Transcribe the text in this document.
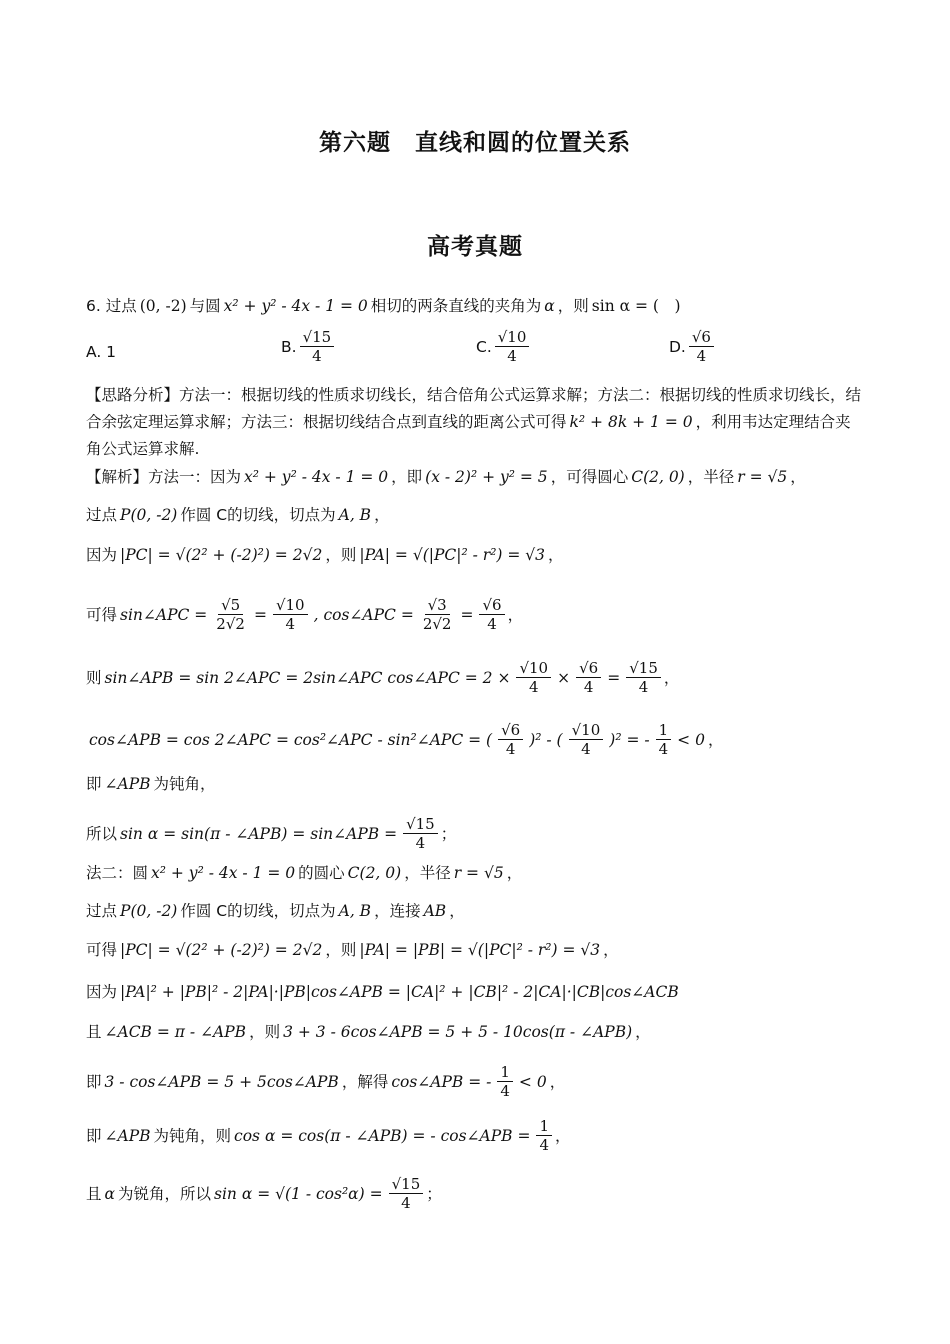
第六题　直线和圆的位置关系
高考真题
6. 过点 (0, -2) 与圆 x² + y² - 4x - 1 = 0 相切的两条直线的夹角为 α ，则 sin α = (　)
A. 1	B. $\frac{√15}{4}$	C. $\frac{√10}{4}$	D. $\frac{√6}{4}$
【思路分析】方法一：根据切线的性质求切线长，结合倍角公式运算求解；方法二：根据切线的性质求切线长，结合余弦定理运算求解；方法三：根据切线结合点到直线的距离公式可得 k² + 8k + 1 = 0 ，利用韦达定理结合夹角公式运算求解.
【解析】方法一：因为 x² + y² - 4x - 1 = 0 ，即 (x - 2)² + y² = 5 ，可得圆心 C(2, 0) ，半径 r = √5 ，
过点 P(0, -2) 作圆 C的切线，切点为 A, B ，
因为 |PC| = √(2² + (-2)²) = 2√2 ，则 |PA| = √(|PC|² - r²) = √3 ，
可得 sin∠APC = $\frac{√5}{2√2} = \frac{√10}{4}$ , cos∠APC = $\frac{√3}{2√2} = \frac{√6}{4}$ ，
则 sin∠APB = sin 2∠APC = 2sin∠APC cos∠APC = $2 \times \frac{√10}{4} \times \frac{√6}{4} = \frac{√15}{4}$ ，
cos∠APB = cos 2∠APC = cos²∠APC - sin²∠APC = ( $\frac{√6}{4} )^2$ - ( $\frac{√10}{4} )^2$ = - $\frac{1}{4} < 0$ ，
即 ∠APB 为钝角，
所以 sin α = sin(π - ∠APB) = sin∠APB = $\frac{√15}{4}$ ；
法二：圆 x² + y² - 4x - 1 = 0 的圆心 C(2, 0) ，半径 r = √5 ，
过点 P(0, -2) 作圆 C的切线，切点为 A, B ，连接 AB ，
可得 |PC| = √(2² + (-2)²) = 2√2 ，则 |PA| = |PB| = √(|PC|² - r²) = √3 ，
因为 |PA|² + |PB|² - 2|PA|·|PB|cos∠APB = |CA|² + |CB|² - 2|CA|·|CB|cos∠ACB
且 ∠ACB = π - ∠APB ，则 3 + 3 - 6cos∠APB = 5 + 5 - 10cos(π - ∠APB) ，
即 3 - cos∠APB = 5 + 5cos∠APB ，解得 cos∠APB = - $\frac{1}{4} < 0$ ，
即 ∠APB 为钝角，则 cos α = cos(π - ∠APB) = - cos∠APB = $\frac{1}{4}$ ，
且 α 为锐角，所以 $\sin \alpha = √(1 - \cos^2\alpha) = \frac{√15}{4}$ ；
